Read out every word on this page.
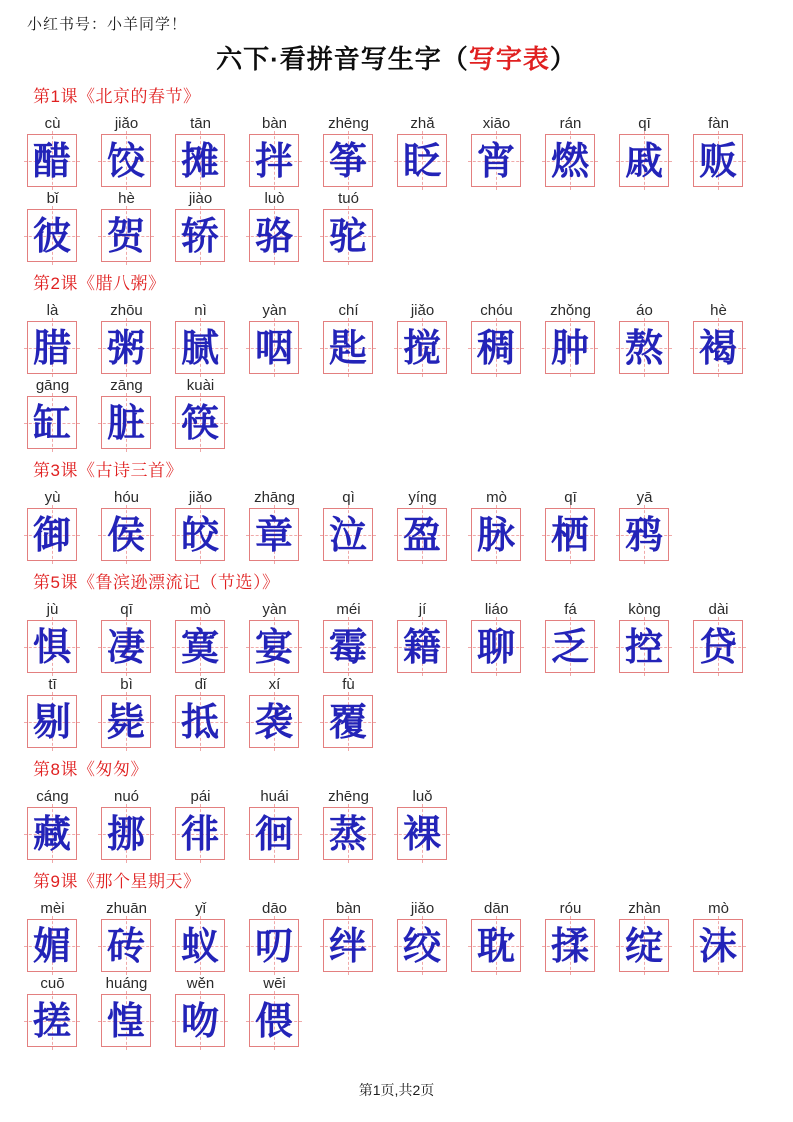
小红书号：小羊同学！
六下·看拼音写生字（写字表）
第1课《北京的春节》
cù
醋
jiǎo
饺
tān
摊
bàn
拌
zhēng
筝
zhǎ
眨
xiāo
宵
rán
燃
qī
戚
fàn
贩
bǐ
彼
hè
贺
jiào
轿
luò
骆
tuó
驼
第2课《腊八粥》
là
腊
zhōu
粥
nì
腻
yàn
咽
chí
匙
jiǎo
搅
chóu
稠
zhǒng
肿
áo
熬
hè
褐
gāng
缸
zāng
脏
kuài
筷
第3课《古诗三首》
yù
御
hóu
侯
jiǎo
皎
zhāng
章
qì
泣
yíng
盈
mò
脉
qī
栖
yā
鸦
第5课《鲁滨逊漂流记（节选）》
jù
惧
qī
凄
mò
寞
yàn
宴
méi
霉
jí
籍
liáo
聊
fá
乏
kòng
控
dài
贷
tī
剔
bì
毙
dǐ
抵
xí
袭
fù
覆
第8课《匆匆》
cáng
藏
nuó
挪
pái
徘
huái
徊
zhēng
蒸
luǒ
裸
第9课《那个星期天》
mèi
媚
zhuān
砖
yǐ
蚁
dāo
叨
bàn
绊
jiǎo
绞
dān
耽
róu
揉
zhàn
绽
mò
沫
cuō
搓
huáng
惶
wěn
吻
wēi
偎
第1页,共2页
